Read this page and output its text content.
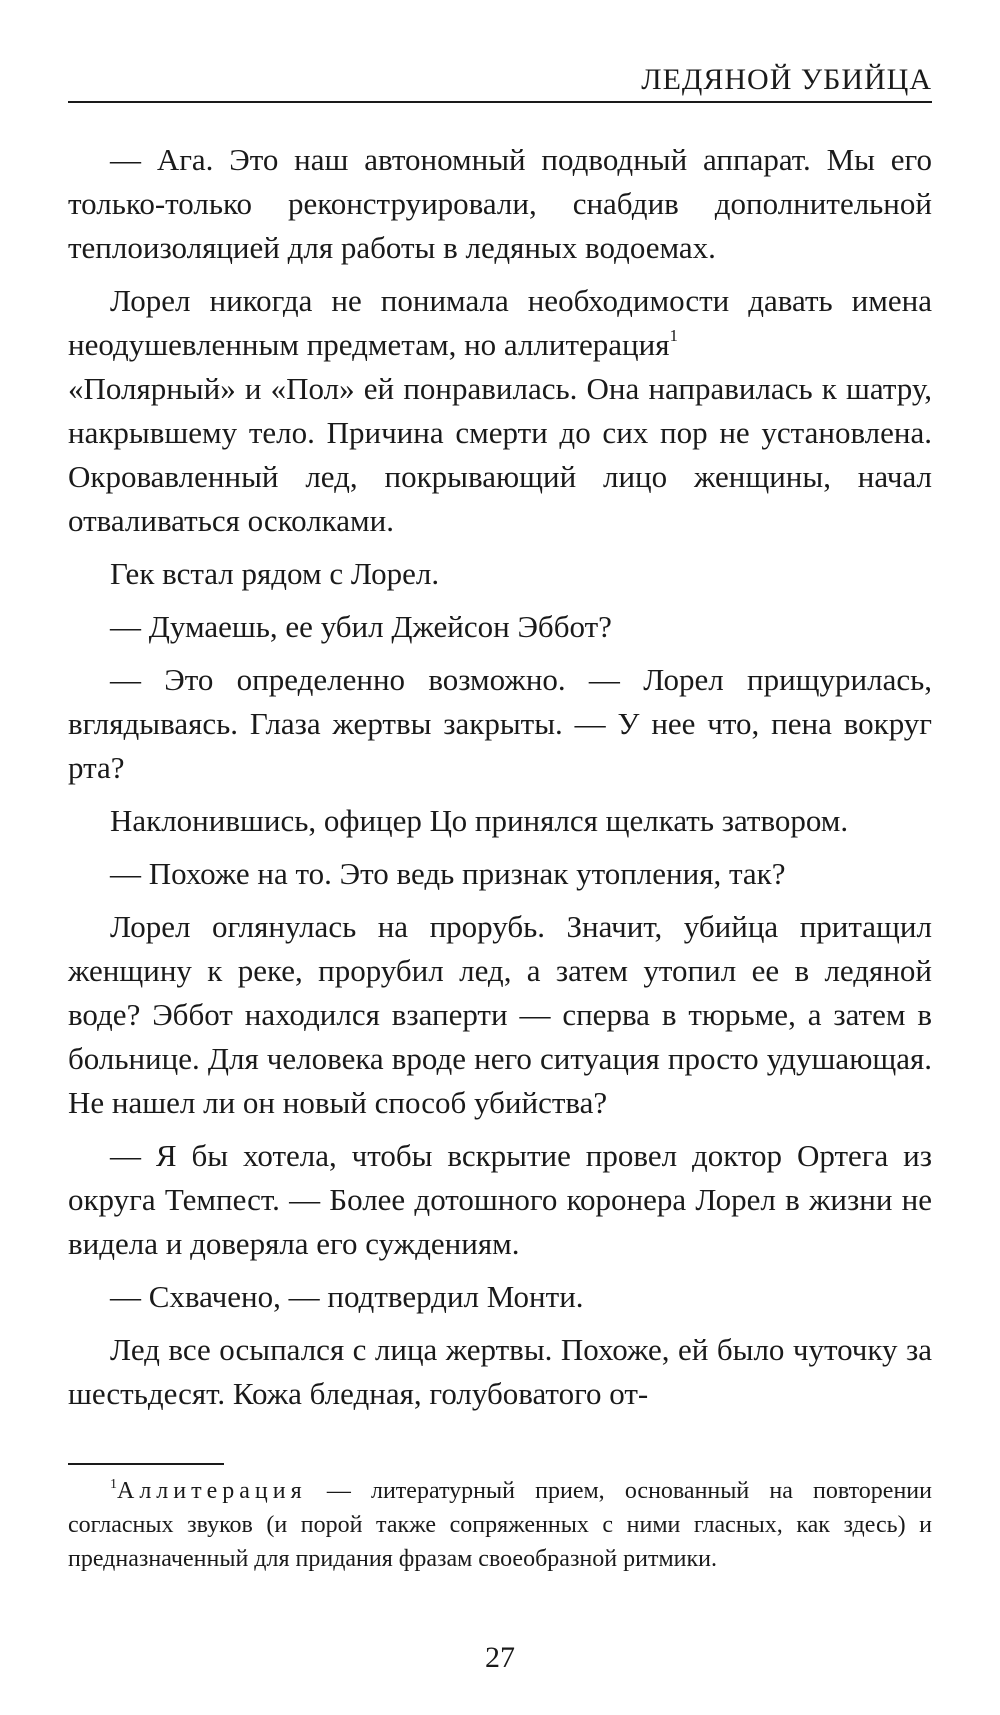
ЛЕДЯНОЙ УБИЙЦА

— Ага. Это наш автономный подводный аппарат. Мы его только-только реконструировали, снабдив дополнительной теплоизоляцией для работы в ледяных водоемах.

Лорел никогда не понимала необходимости давать имена неодушевленным предметам, но аллитерация$^1$

«Полярный» и «Пол» ей понравилась. Она направилась к шатру, накрывшему тело. Причина смерти до сих пор не установлена. Окровавленный лед, покрывающий лицо женщины, начал отваливаться осколками.

Гек встал рядом с Лорел.

— Думаешь, ее убил Джейсон Эббот?

— Это определенно возможно. — Лорел прищурилась, вглядываясь. Глаза жертвы закрыты. — У нее что, пена вокруг рта?

Наклонившись, офицер Цо принялся щелкать затвором.

— Похоже на то. Это ведь признак утопления, так?

Лорел оглянулась на прорубь. Значит, убийца притащил женщину к реке, прорубил лед, а затем утопил ее в ледяной воде? Эббот находился взаперти — сперва в тюрьме, а затем в больнице. Для человека вроде него ситуация просто удушающая. Не нашел ли он новый способ убийства?

— Я бы хотела, чтобы вскрытие провел доктор Ортега из округа Темпест. — Более дотошного коронера Лорел в жизни не видела и доверяла его суждениям.

— Схвачено, — подтвердил Монти.

Лед все осыпался с лица жертвы. Похоже, ей было чуточку за шестьдесят. Кожа бледная, голубоватого от-

$^1$Аллитерация — литературный прием, основанный на повторении согласных звуков (и порой также сопряженных с ними гласных, как здесь) и предназначенный для придания фразам своеобразной ритмики.

27
